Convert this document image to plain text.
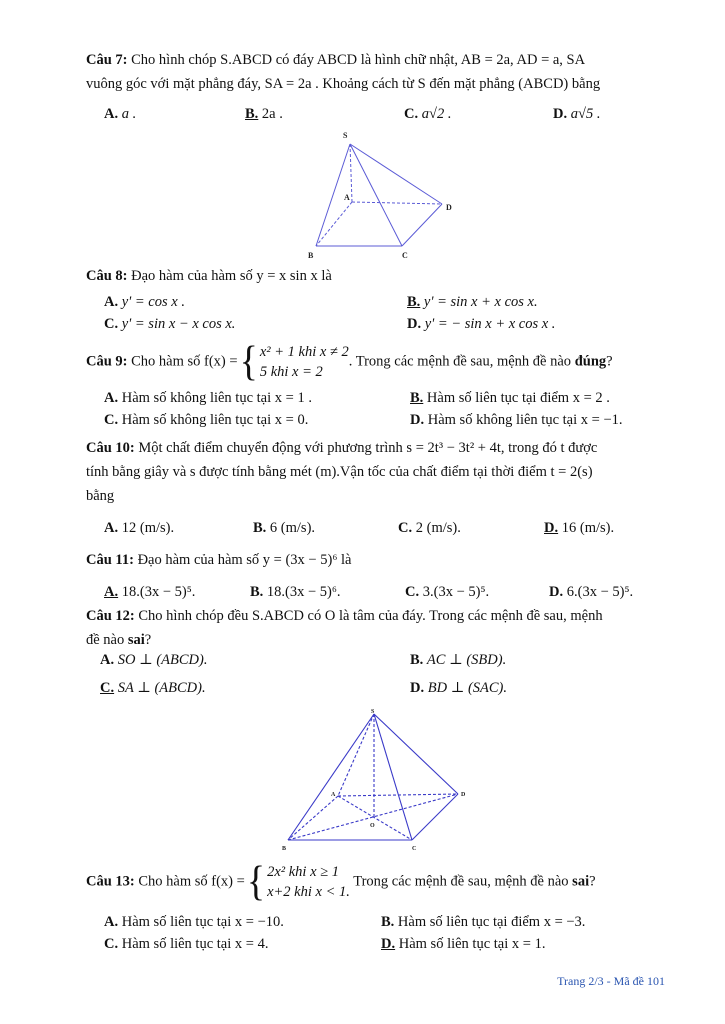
Câu 7: Cho hình chóp S.ABCD có đáy ABCD là hình chữ nhật, AB = 2a, AD = a, SA
vuông góc với mặt phẳng đáy, SA = 2a . Khoảng cách từ S đến mặt phẳng (ABCD) bằng
A. a .	B. 2a .	C. a√2 .	D. a√5 .
S
A
B	C
D
Câu 8: Đạo hàm của hàm số y = x sin x là
A. y' = cos x .	B. y' = sin x + x cos x.
C. y' = sin x − x cos x.	D. y' = − sin x + x cos x .
Câu 9: Cho hàm số f(x) ={ x² + 1 khi x ≠ 2
5 khi x = 2
. Trong các mệnh đề sau, mệnh đề nào đúng?
A. Hàm số không liên tục tại x = 1 .	B. Hàm số liên tục tại điểm x = 2 .
C. Hàm số không liên tục tại x = 0.	D. Hàm số không liên tục tại x = −1.
Câu 10: Một chất điểm chuyển động với phương trình s = 2t³ − 3t² + 4t, trong đó t được
tính bằng giây và s được tính bằng mét (m).Vận tốc của chất điểm tại thời điểm t = 2(s)
bằng
A. 12 (m/s).	B. 6 (m/s).	C. 2 (m/s).	D. 16 (m/s).
Câu 11: Đạo hàm của hàm số y = (3x − 5)⁶ là
A. 18.(3x − 5)⁵.	B. 18.(3x − 5)⁶.	C. 3.(3x − 5)⁵.	D. 6.(3x − 5)⁵.
Câu 12: Cho hình chóp đều S.ABCD có O là tâm của đáy. Trong các mệnh đề sau, mệnh
đề nào sai?
A. SO ⊥ (ABCD).	B. AC ⊥ (SBD).
C. SA ⊥ (ABCD).	D. BD ⊥ (SAC).
S
A
B	C
D
O
Câu 13: Cho hàm số f(x) ={ 2x² khi x ≥ 1
x+2 khi x < 1.
Trong các mệnh đề sau, mệnh đề nào sai?
A. Hàm số liên tục tại x = −10.	B. Hàm số liên tục tại điểm x = −3.
C. Hàm số liên tục tại x = 4.	D. Hàm số liên tục tại x = 1.
Trang 2/3 - Mã đề 101
